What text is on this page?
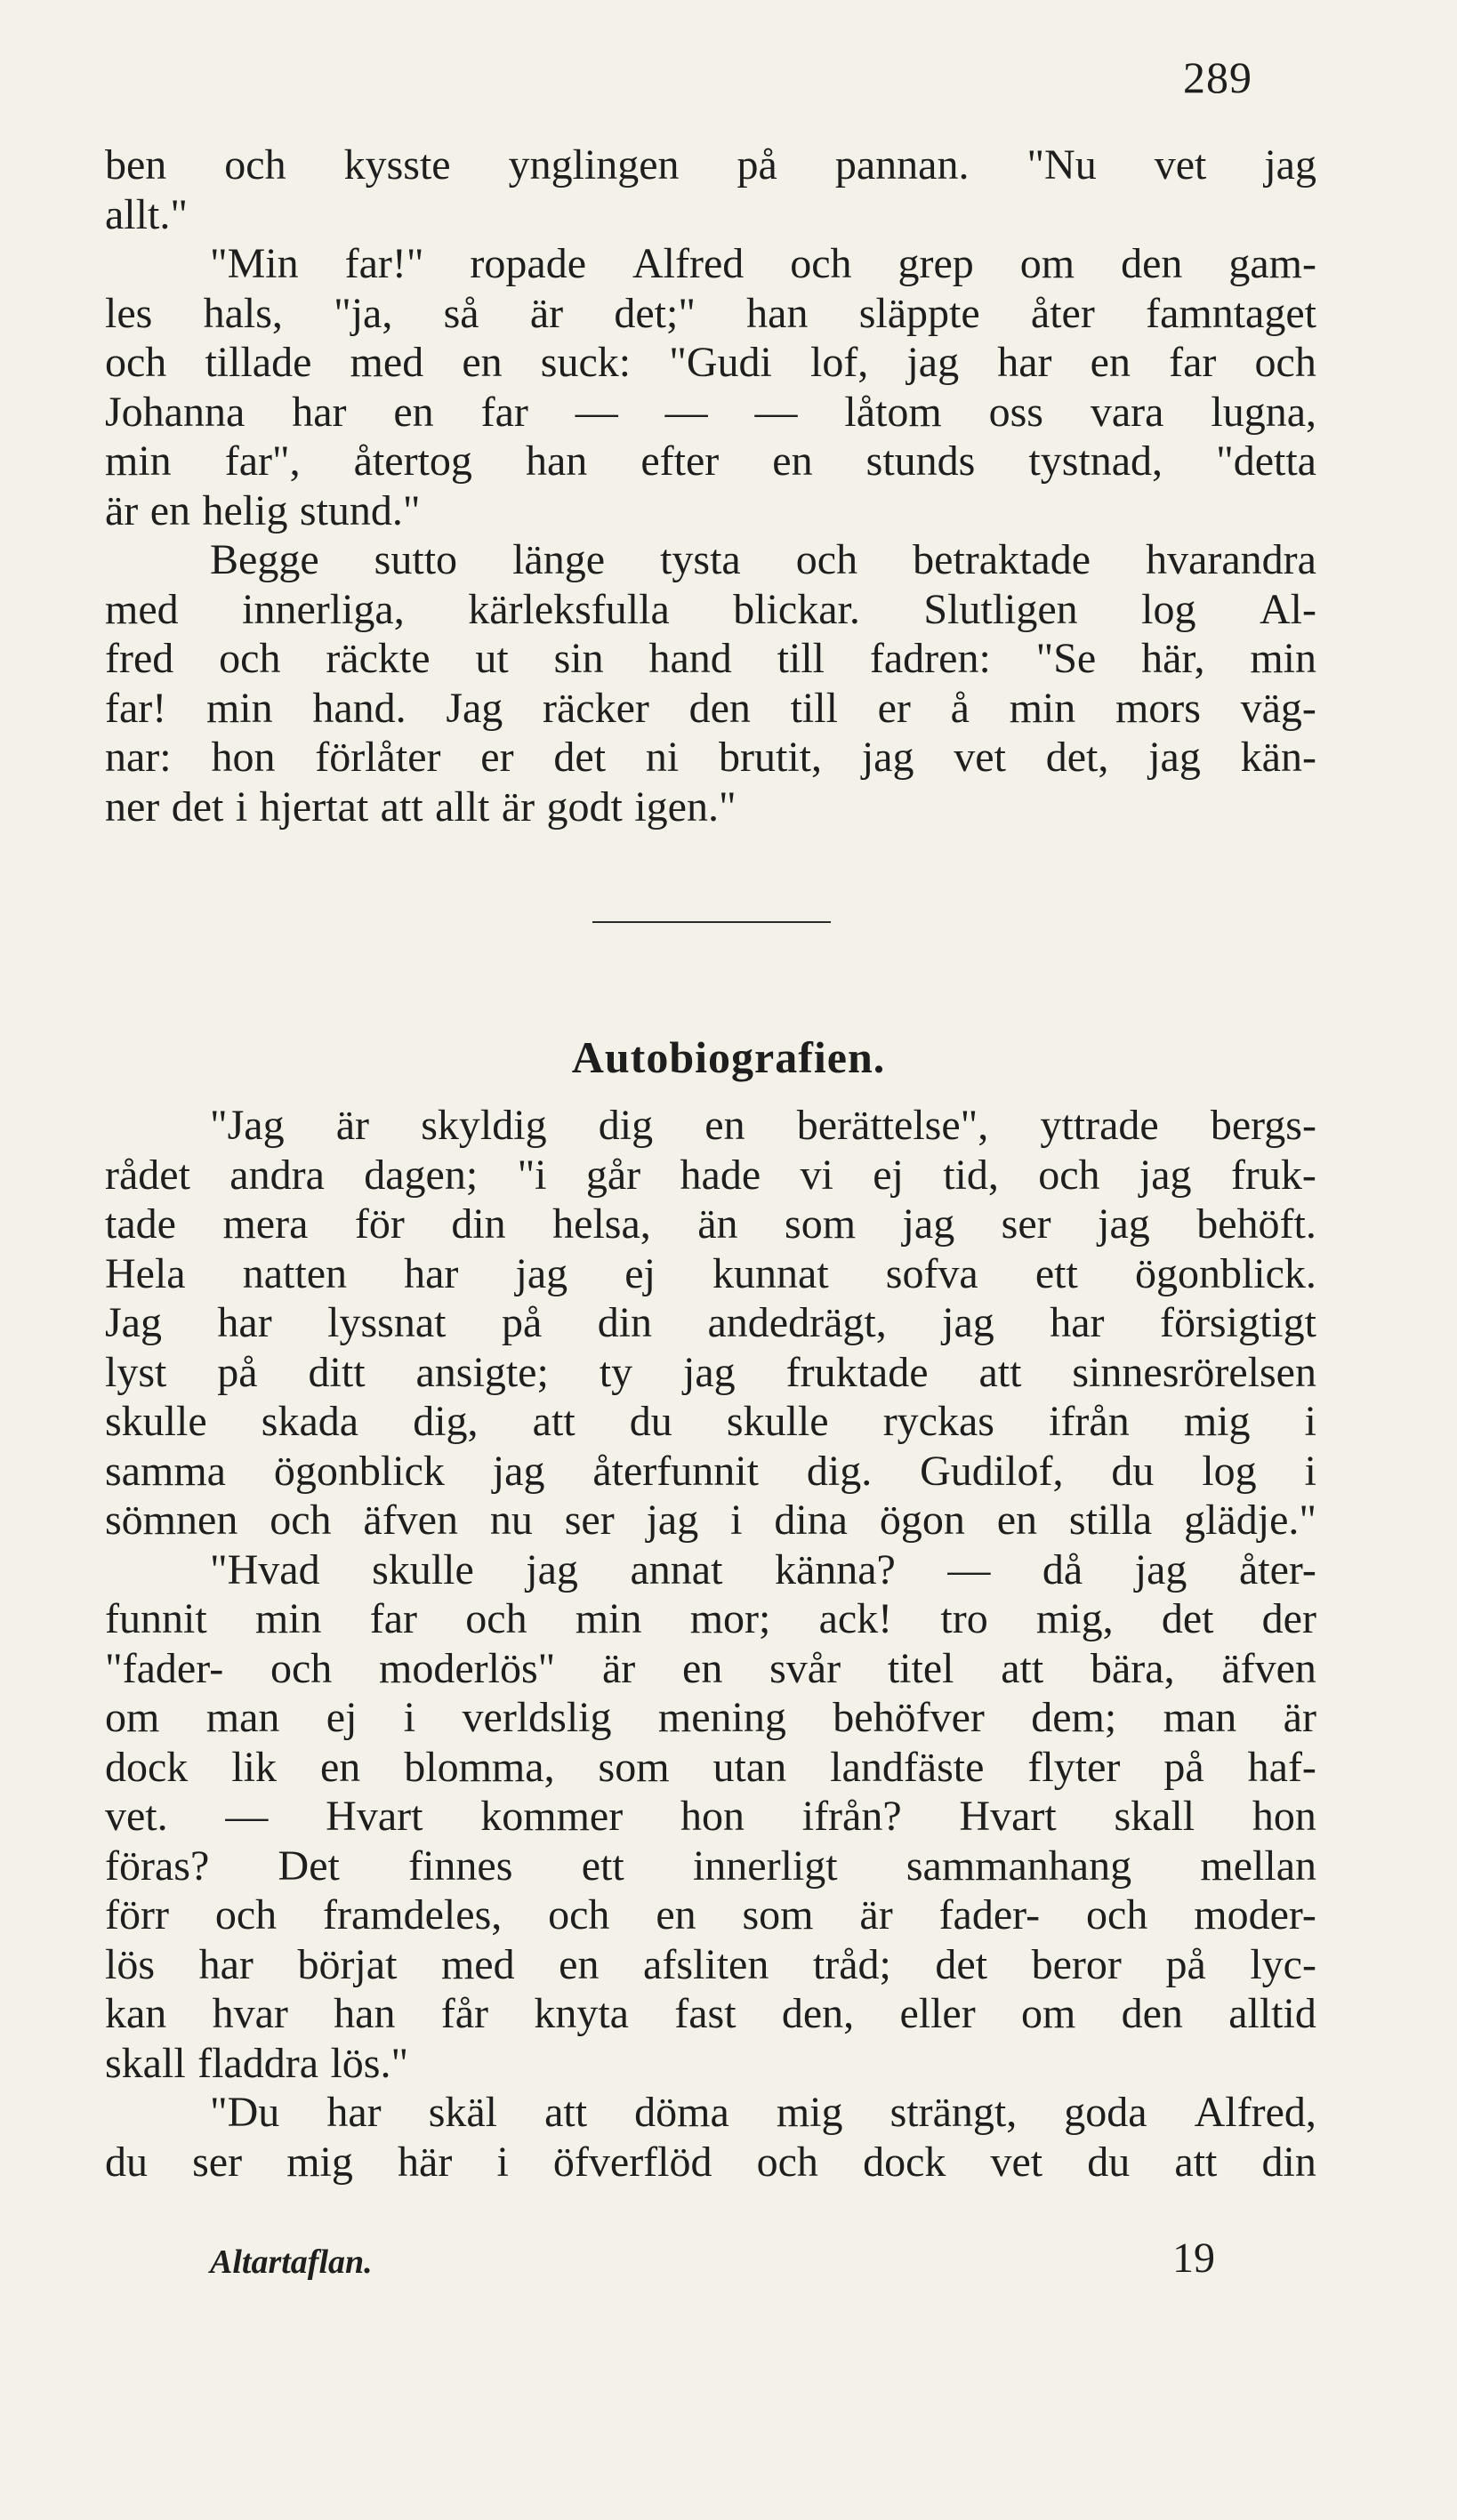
289
ben och kysste ynglingen på pannan. "Nu vet jag
allt."
"Min far!" ropade Alfred och grep om den gam-
les hals, "ja, så är det;" han släppte åter famntaget
och tillade med en suck: "Gudi lof, jag har en far och
Johanna har en far — — — låtom oss vara lugna,
min far", återtog han efter en stunds tystnad, "detta
är en helig stund."
Begge sutto länge tysta och betraktade hvarandra
med innerliga, kärleksfulla blickar. Slutligen log Al-
fred och räckte ut sin hand till fadren: "Se här, min
far! min hand. Jag räcker den till er å min mors väg-
nar: hon förlåter er det ni brutit, jag vet det, jag kän-
ner det i hjertat att allt är godt igen."
Autobiografien.
"Jag är skyldig dig en berättelse", yttrade bergs-
rådet andra dagen; "i går hade vi ej tid, och jag fruk-
tade mera för din helsa, än som jag ser jag behöft.
Hela natten har jag ej kunnat sofva ett ögonblick.
Jag har lyssnat på din andedrägt, jag har försigtigt
lyst på ditt ansigte; ty jag fruktade att sinnesrörelsen
skulle skada dig, att du skulle ryckas ifrån mig i
samma ögonblick jag återfunnit dig. Gudilof, du log i
sömnen och äfven nu ser jag i dina ögon en stilla glädje."
"Hvad skulle jag annat känna? — då jag åter-
funnit min far och min mor; ack! tro mig, det der
"fader- och moderlös" är en svår titel att bära, äfven
om man ej i verldslig mening behöfver dem; man är
dock lik en blomma, som utan landfäste flyter på haf-
vet. — Hvart kommer hon ifrån? Hvart skall hon
föras? Det finnes ett innerligt sammanhang mellan
förr och framdeles, och en som är fader- och moder-
lös har börjat med en afsliten tråd; det beror på lyc-
kan hvar han får knyta fast den, eller om den alltid
skall fladdra lös."
"Du har skäl att döma mig strängt, goda Alfred,
du ser mig här i öfverflöd och dock vet du att din
Altartaflan.	19
